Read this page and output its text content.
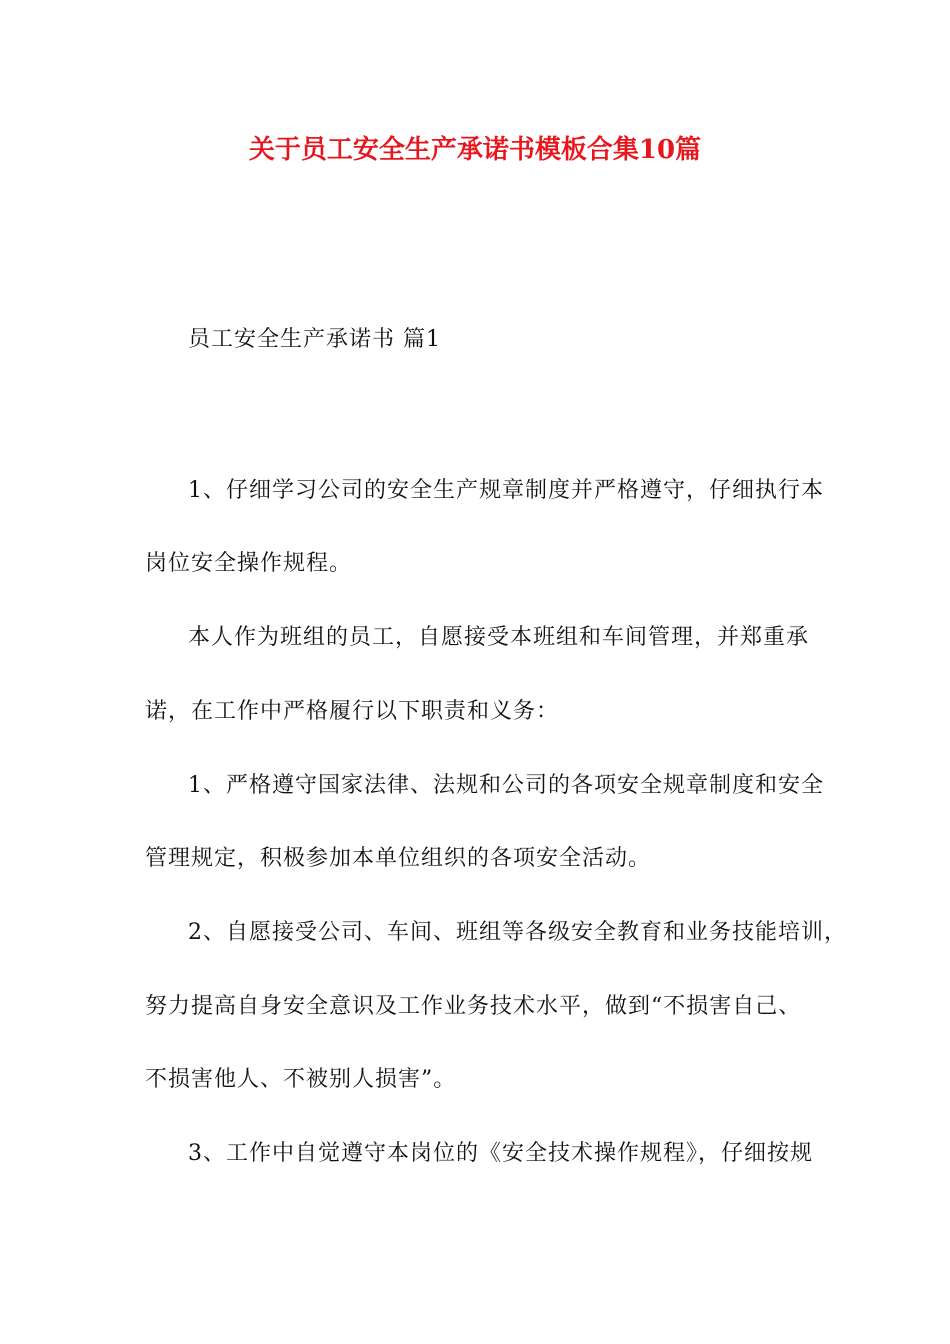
关于员工安全生产承诺书模板合集10篇
员工安全生产承诺书 篇1
1、仔细学习公司的安全生产规章制度并严格遵守，仔细执行本
岗位安全操作规程。
本人作为班组的员工，自愿接受本班组和车间管理，并郑重承
诺，在工作中严格履行以下职责和义务：
1、严格遵守国家法律、法规和公司的各项安全规章制度和安全
管理规定，积极参加本单位组织的各项安全活动。
2、自愿接受公司、车间、班组等各级安全教育和业务技能培训，
努力提高自身安全意识及工作业务技术水平，做到“不损害自己、
不损害他人、不被别人损害”。
3、工作中自觉遵守本岗位的《安全技术操作规程》，仔细按规
